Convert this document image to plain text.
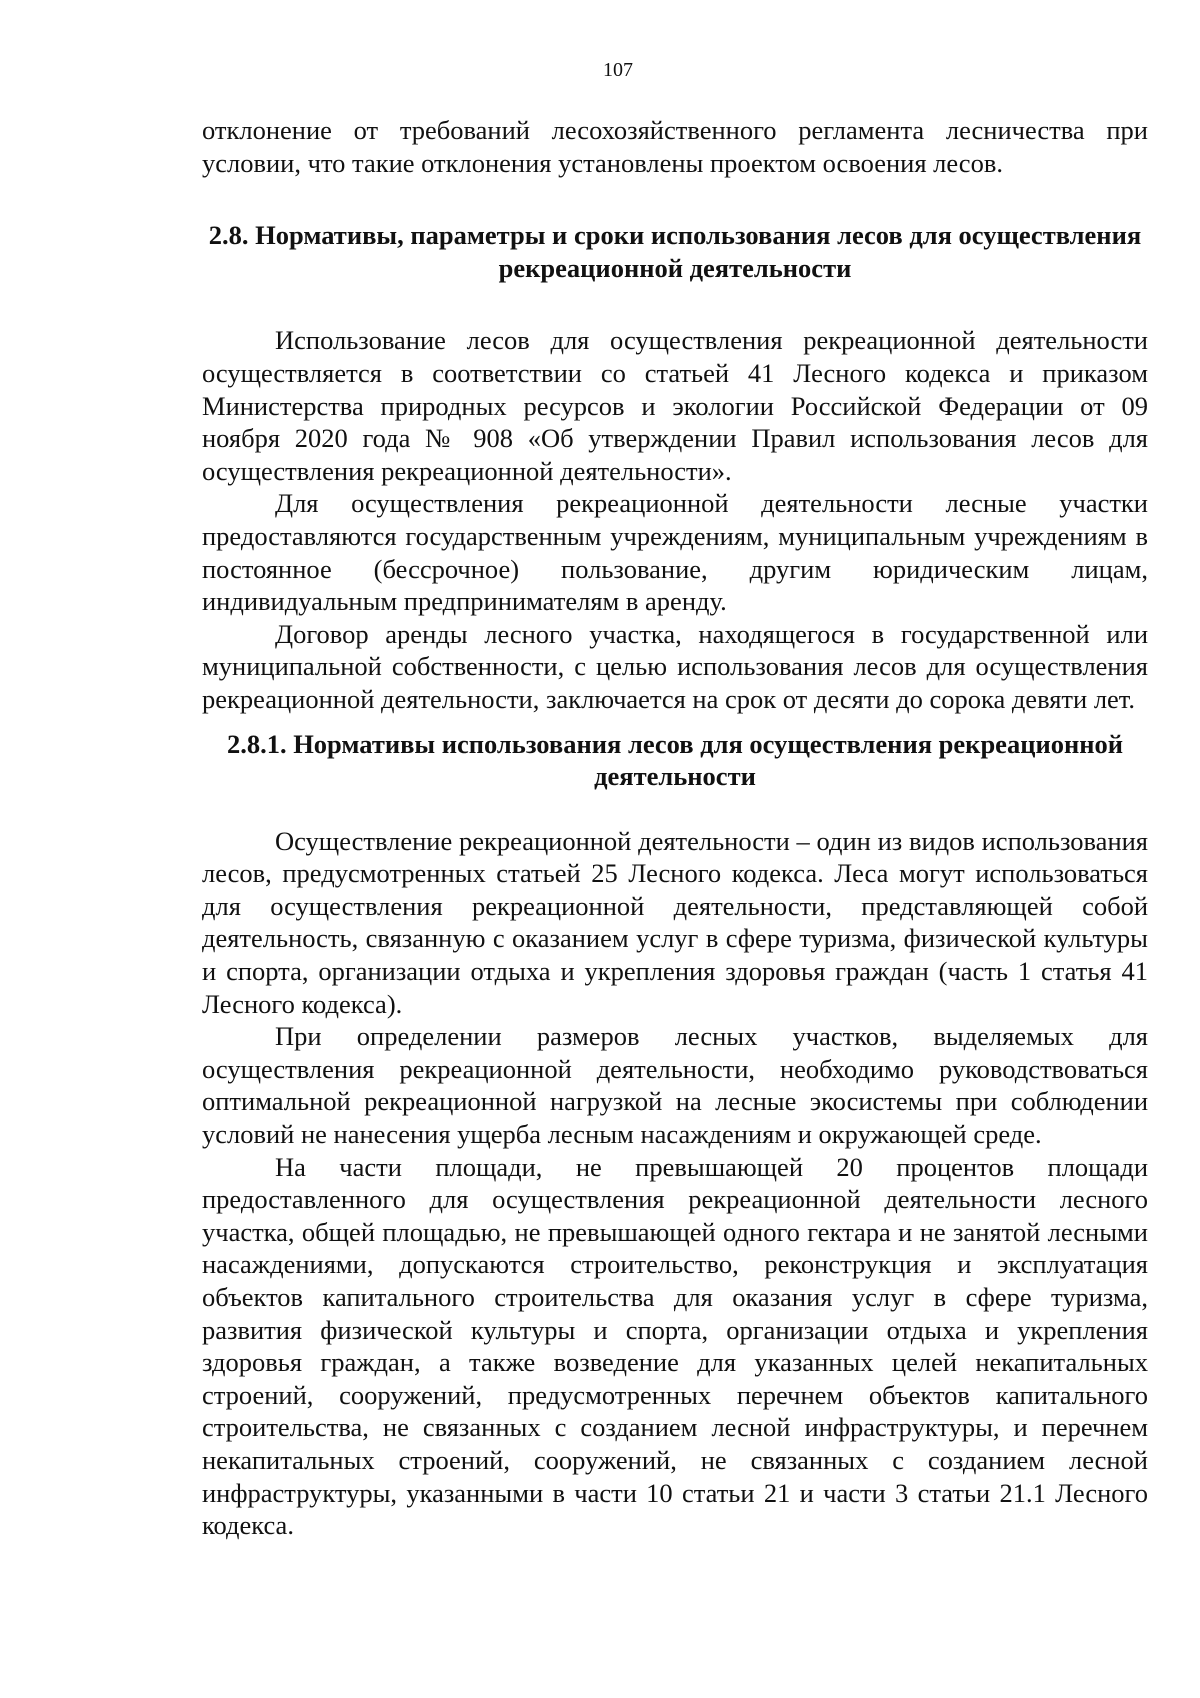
107

отклонение от требований лесохозяйственного регламента лесничества при условии, что такие отклонения установлены проектом освоения лесов.

2.8. Нормативы, параметры и сроки использования лесов для осуществления рекреационной деятельности

Использование лесов для осуществления рекреационной деятельности осуществляется в соответствии со статьей 41 Лесного кодекса и приказом Министерства природных ресурсов и экологии Российской Федерации от 09 ноября 2020 года № 908 «Об утверждении Правил использования лесов для осуществления рекреационной деятельности».

Для осуществления рекреационной деятельности лесные участки предоставляются государственным учреждениям, муниципальным учреждениям в постоянное (бессрочное) пользование, другим юридическим лицам, индивидуальным предпринимателям в аренду.

Договор аренды лесного участка, находящегося в государственной или муниципальной собственности, с целью использования лесов для осуществления рекреационной деятельности, заключается на срок от десяти до сорока девяти лет.

2.8.1. Нормативы использования лесов для осуществления рекреационной деятельности

Осуществление рекреационной деятельности – один из видов использования лесов, предусмотренных статьей 25 Лесного кодекса. Леса могут использоваться для осуществления рекреационной деятельности, представляющей собой деятельность, связанную с оказанием услуг в сфере туризма, физической культуры и спорта, организации отдыха и укрепления здоровья граждан (часть 1 статья 41 Лесного кодекса).

При определении размеров лесных участков, выделяемых для осуществления рекреационной деятельности, необходимо руководствоваться оптимальной рекреационной нагрузкой на лесные экосистемы при соблюдении условий не нанесения ущерба лесным насаждениям и окружающей среде.

На части площади, не превышающей 20 процентов площади предоставленного для осуществления рекреационной деятельности лесного участка, общей площадью, не превышающей одного гектара и не занятой лесными насаждениями, допускаются строительство, реконструкция и эксплуатация объектов капитального строительства для оказания услуг в сфере туризма, развития физической культуры и спорта, организации отдыха и укрепления здоровья граждан, а также возведение для указанных целей некапитальных строений, сооружений, предусмотренных перечнем объектов капитального строительства, не связанных с созданием лесной инфраструктуры, и перечнем некапитальных строений, сооружений, не связанных с созданием лесной инфраструктуры, указанными в части 10 статьи 21 и части 3 статьи 21.1 Лесного кодекса.
